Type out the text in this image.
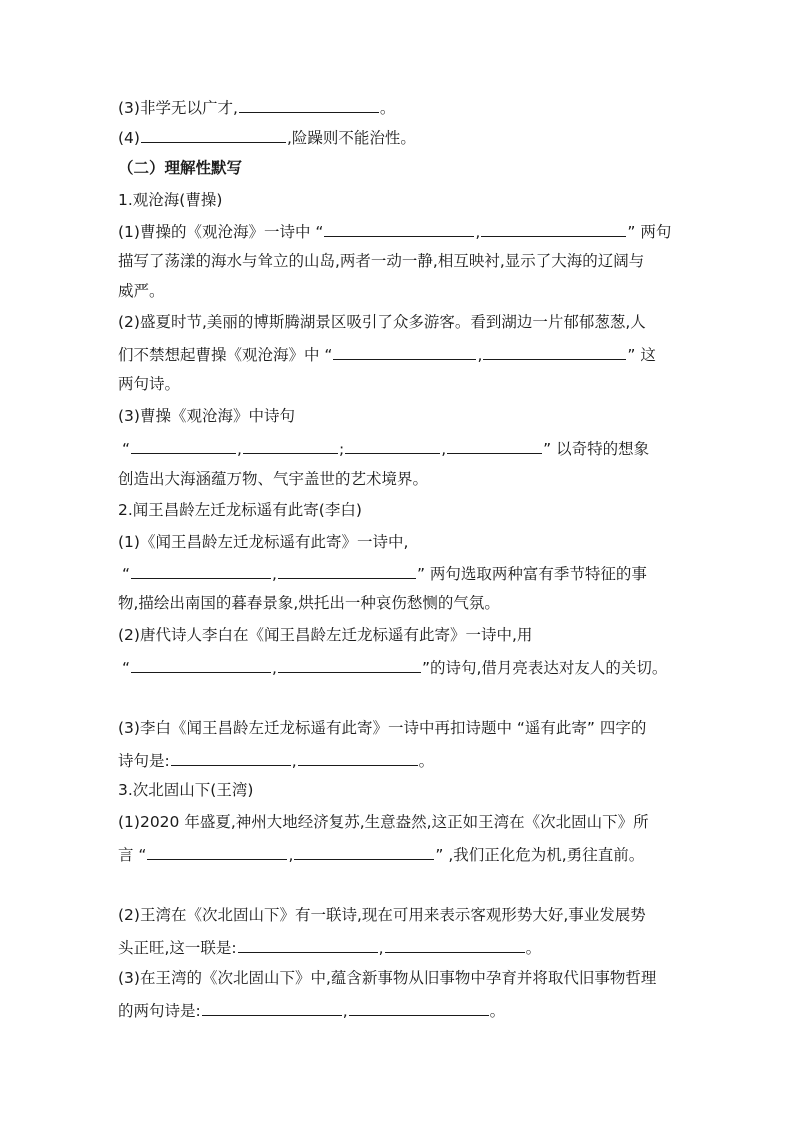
(3)非学无以广才,	。
(4)	,险躁则不能治性。
（二）理解性默写
1.观沧海(曹操)
(1)曹操的《观沧海》一诗中 “	,	” 两句
描写了荡漾的海水与耸立的山岛,两者一动一静,相互映衬,显示了大海的辽阔与
威严。
(2)盛夏时节,美丽的博斯腾湖景区吸引了众多游客。看到湖边一片郁郁葱葱,人
们不禁想起曹操《观沧海》中 “	,	” 这
两句诗。
(3)曹操《观沧海》中诗句
“	,	;	,	” 以奇特的想象
创造出大海涵蕴万物、气宇盖世的艺术境界。
2.闻王昌龄左迁龙标遥有此寄(李白)
(1)《闻王昌龄左迁龙标遥有此寄》一诗中,
“	,	” 两句选取两种富有季节特征的事
物,描绘出南国的暮春景象,烘托出一种哀伤愁恻的气氛。
(2)唐代诗人李白在《闻王昌龄左迁龙标遥有此寄》一诗中,用
“	,	”的诗句,借月亮表达对友人的关切。
(3)李白《闻王昌龄左迁龙标遥有此寄》一诗中再扣诗题中 “遥有此寄” 四字的
诗句是:	,	。
3.次北固山下(王湾)
(1)2020 年盛夏,神州大地经济复苏,生意盎然,这正如王湾在《次北固山下》所
言 “	,	” ,我们正化危为机,勇往直前。
(2)王湾在《次北固山下》有一联诗,现在可用来表示客观形势大好,事业发展势
头正旺,这一联是:	,	。
(3)在王湾的《次北固山下》中,蕴含新事物从旧事物中孕育并将取代旧事物哲理
的两句诗是:	,	。
